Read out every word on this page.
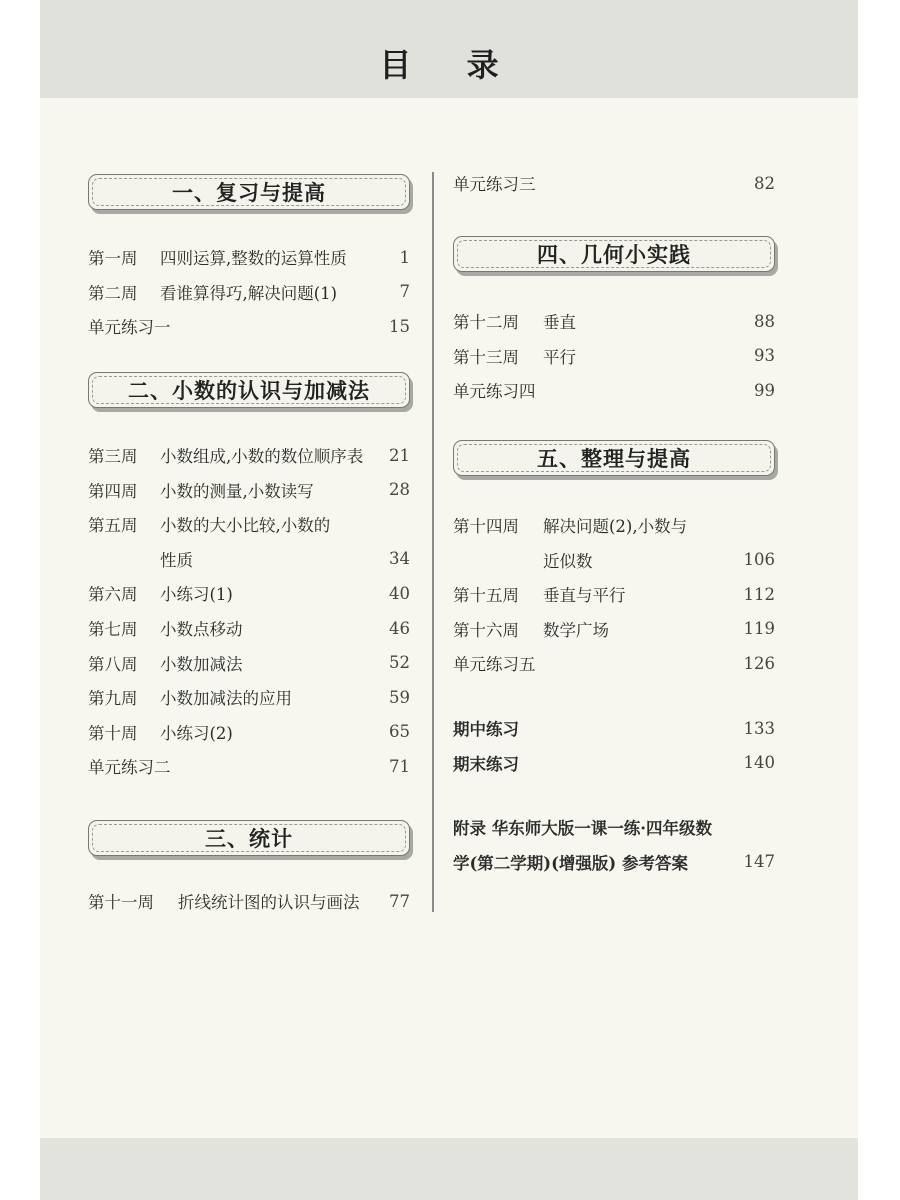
目 录
一、复习与提高
第一周	四则运算,整数的运算性质	1
第二周	看谁算得巧,解决问题(1)	7
单元练习一	15
二、小数的认识与加减法
第三周	小数组成,小数的数位顺序表	21
第四周	小数的测量,小数读写	28
第五周	小数的大小比较,小数的
性质	34
第六周	小练习(1)	40
第七周	小数点移动	46
第八周	小数加减法	52
第九周	小数加减法的应用	59
第十周	小练习(2)	65
单元练习二	71
三、统计
第十一周	折线统计图的认识与画法	77
单元练习三	82
四、几何小实践
第十二周	垂直	88
第十三周	平行	93
单元练习四	99
五、整理与提高
第十四周	解决问题(2),小数与
近似数	106
第十五周	垂直与平行	112
第十六周	数学广场	119
单元练习五	126
期中练习	133
期末练习	140
附录 华东师大版一课一练·四年级数
学(第二学期)(增强版) 参考答案	147
